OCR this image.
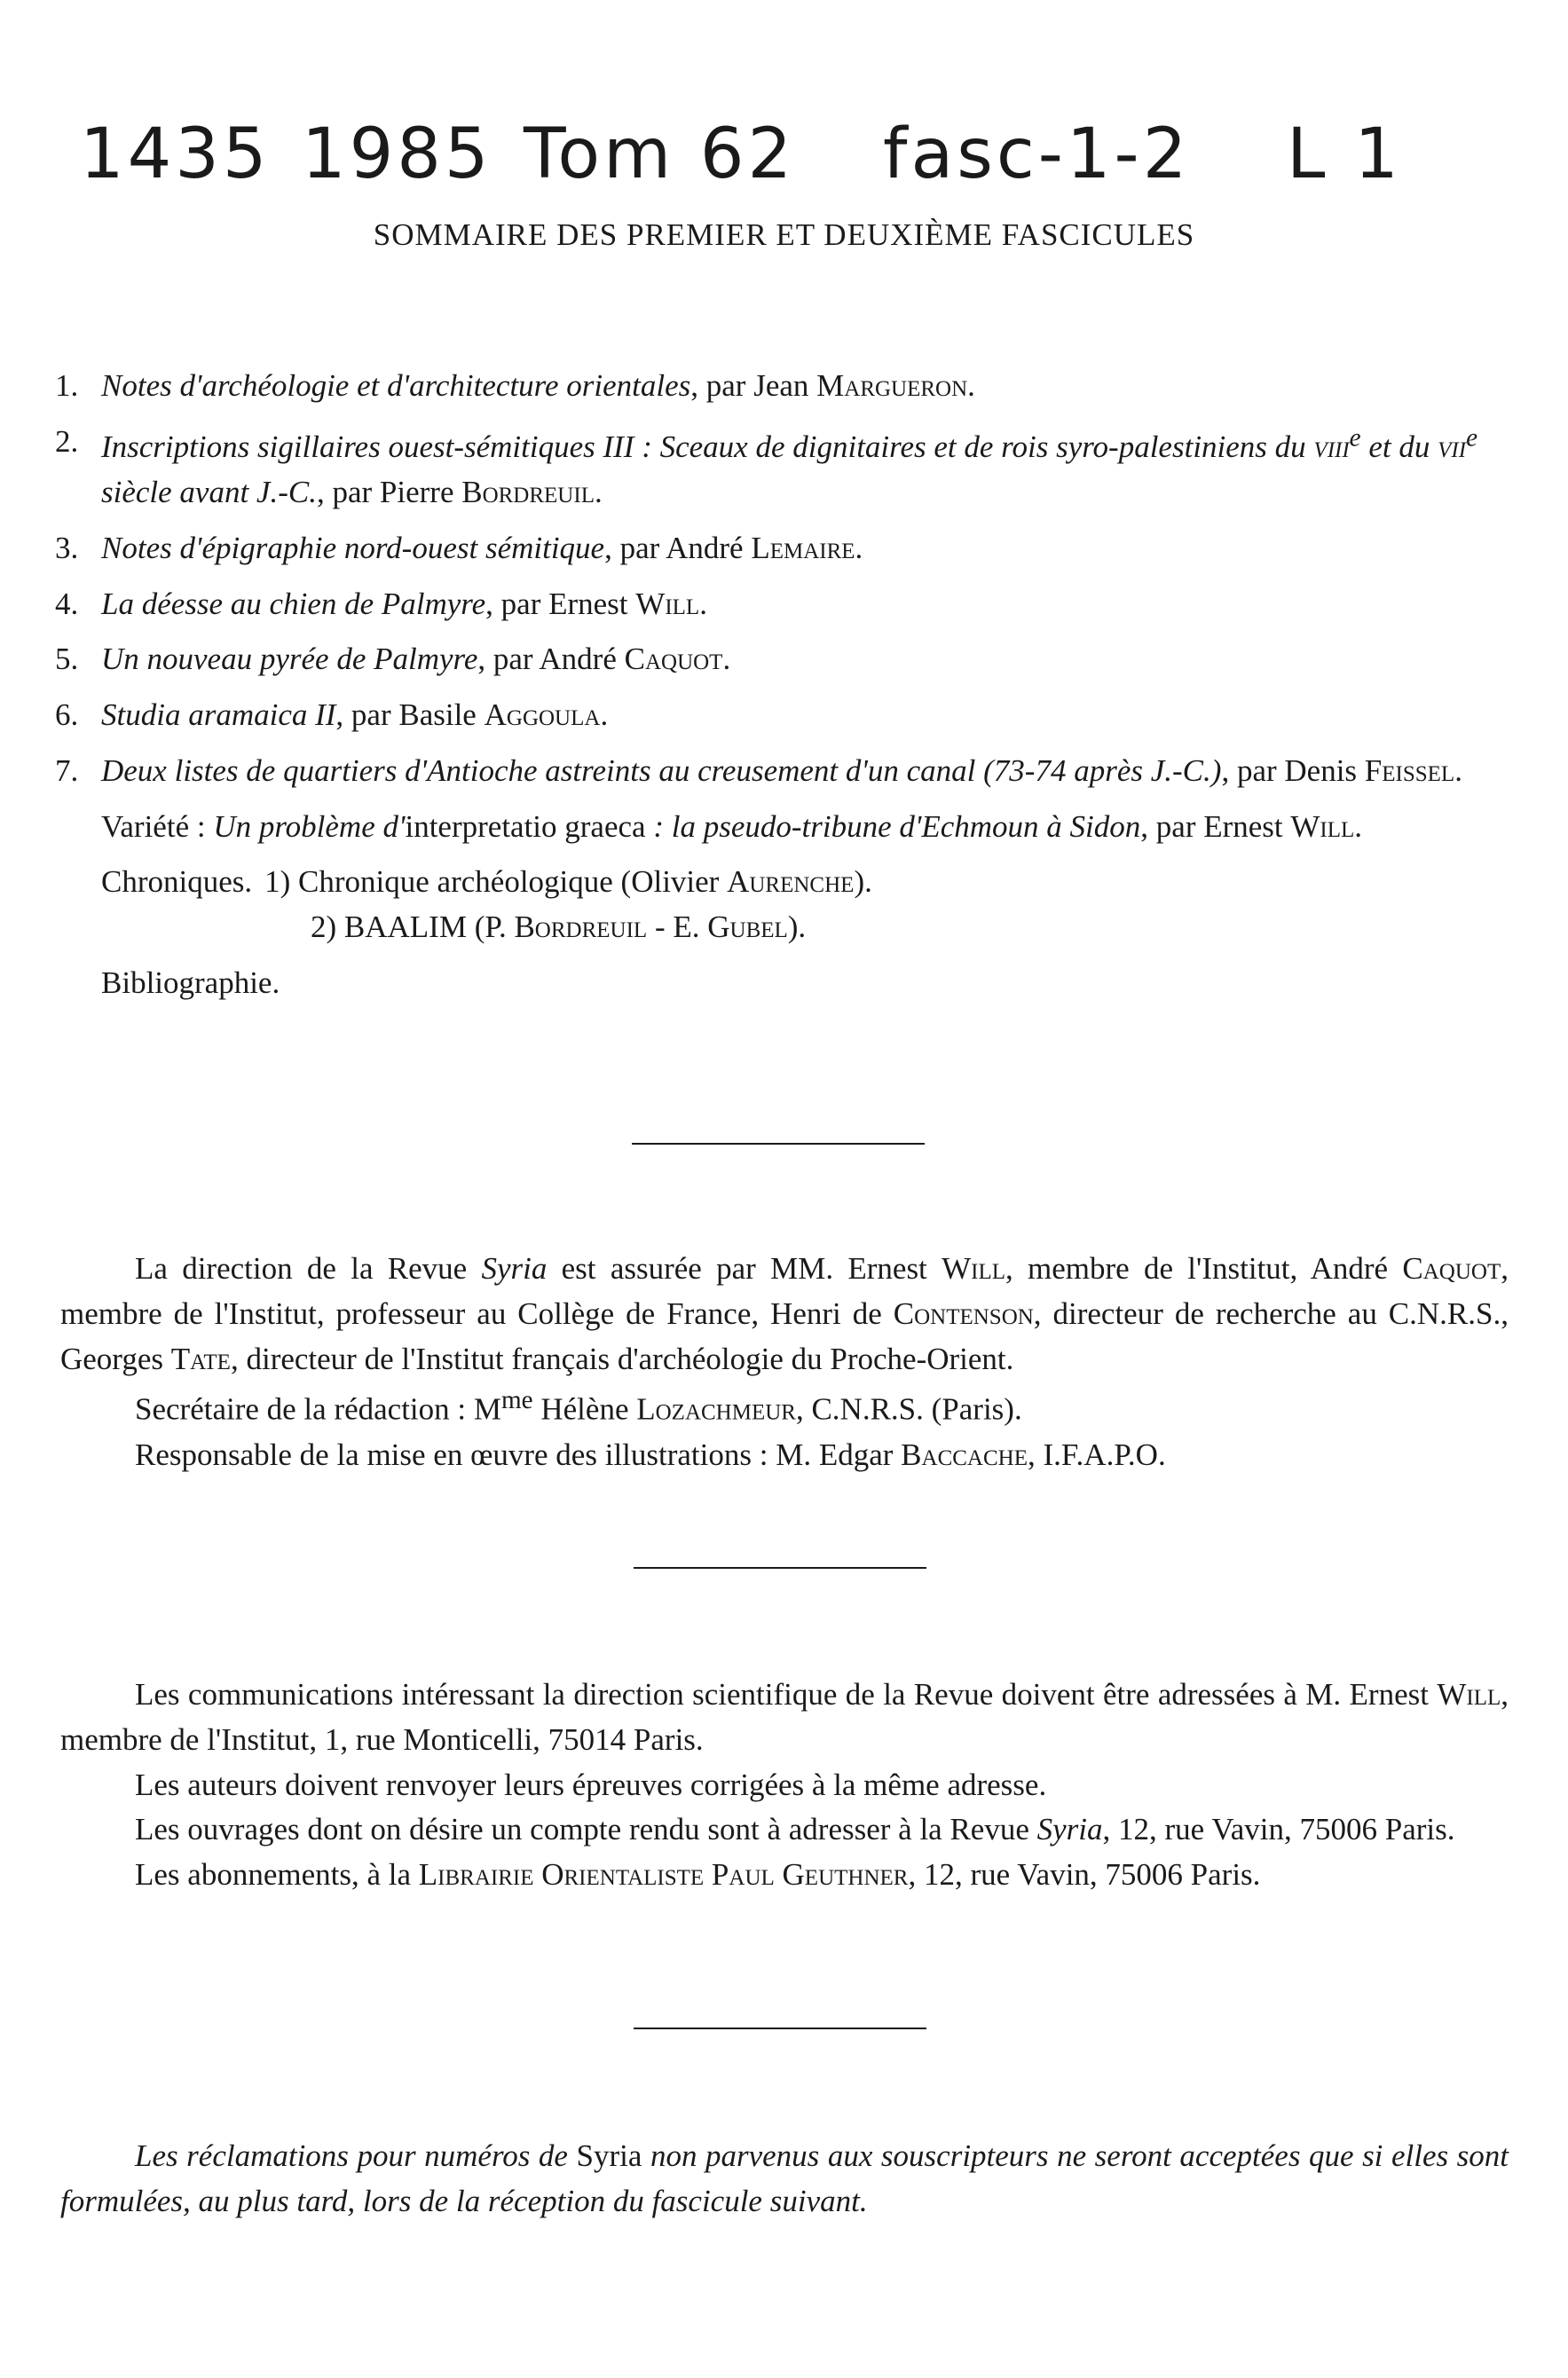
1435 1985 Tom 62 fasc-1-2 L 1
SOMMAIRE DES PREMIER ET DEUXIÈME FASCICULES
1. Notes d'archéologie et d'architecture orientales, par Jean Margueron.
2. Inscriptions sigillaires ouest-sémitiques III : Sceaux de dignitaires et de rois syro-palestiniens du viii$^e$ et du vii$^e$ siècle avant J.-C., par Pierre Bordreuil.
3. Notes d'épigraphie nord-ouest sémitique, par André Lemaire.
4. La déesse au chien de Palmyre, par Ernest Will.
5. Un nouveau pyrée de Palmyre, par André Caquot.
6. Studia aramaica II, par Basile Aggoula.
7. Deux listes de quartiers d'Antioche astreints au creusement d'un canal (73-74 après J.-C.), par Denis Feissel.
Variété : Un problème d'interpretatio graeca : la pseudo-tribune d'Echmoun à Sidon, par Ernest Will.
Chroniques. 1) Chronique archéologique (Olivier Aurenche).
2) BAALIM (P. Bordreuil - E. Gubel).
Bibliographie.

La direction de la Revue Syria est assurée par MM. Ernest Will, membre de l'Institut, André Caquot, membre de l'Institut, professeur au Collège de France, Henri de Contenson, directeur de recherche au C.N.R.S., Georges Tate, directeur de l'Institut français d'archéologie du Proche-Orient.

Secrétaire de la rédaction : $M^{me}$ Hélène Lozachmeur, C.N.R.S. (Paris).

Responsable de la mise en œuvre des illustrations : M. Edgar Baccache, I.F.A.P.O.

Les communications intéressant la direction scientifique de la Revue doivent être adressées à M. Ernest Will, membre de l'Institut, 1, rue Monticelli, 75014 Paris.

Les auteurs doivent renvoyer leurs épreuves corrigées à la même adresse.

Les ouvrages dont on désire un compte rendu sont à adresser à la Revue Syria, 12, rue Vavin, 75006 Paris.

Les abonnements, à la Librairie Orientaliste Paul Geuthner, 12, rue Vavin, 75006 Paris.

Les réclamations pour numéros de Syria non parvenus aux souscripteurs ne seront acceptées que si elles sont formulées, au plus tard, lors de la réception du fascicule suivant.
